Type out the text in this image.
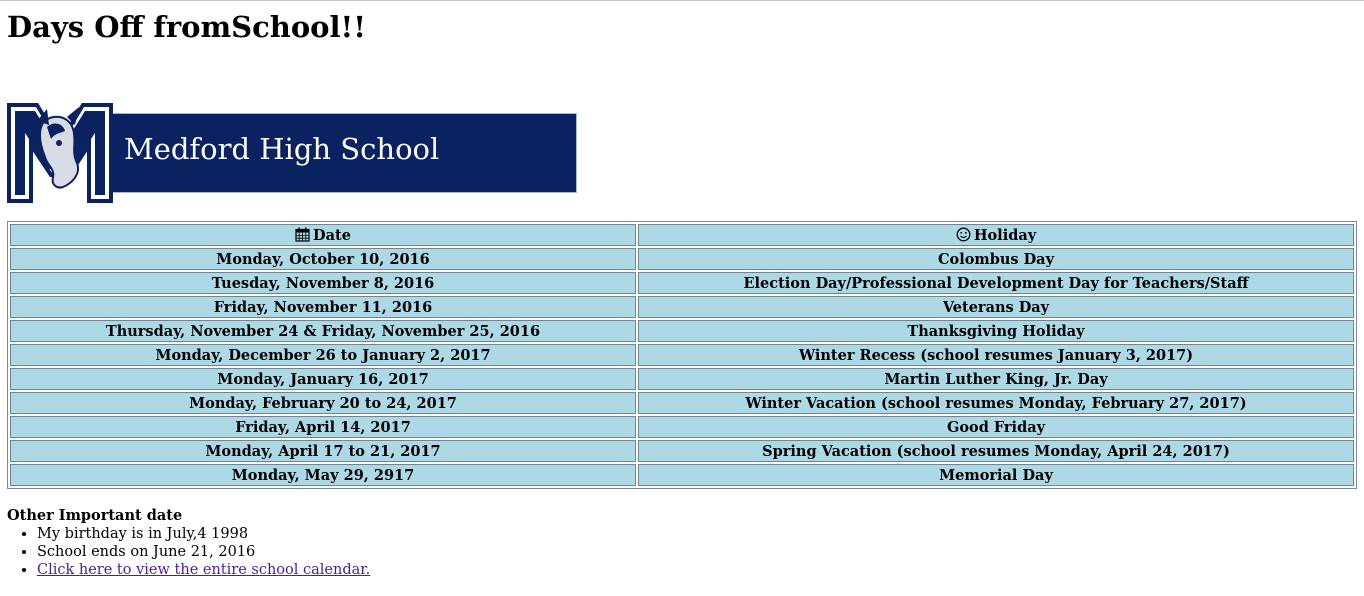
Days Off fromSchool!!
Medford High School
Date	Holiday
Monday, October 10, 2016	Colombus Day
Tuesday, November 8, 2016	Election Day/Professional Development Day for Teachers/Staff
Friday, November 11, 2016	Veterans Day
Thursday, November 24 & Friday, November 25, 2016	Thanksgiving Holiday
Monday, December 26 to January 2, 2017	Winter Recess (school resumes January 3, 2017)
Monday, January 16, 2017	Martin Luther King, Jr. Day
Monday, February 20 to 24, 2017	Winter Vacation (school resumes Monday, February 27, 2017)
Friday, April 14, 2017	Good Friday
Monday, April 17 to 21, 2017	Spring Vacation (school resumes Monday, April 24, 2017)
Monday, May 29, 2917	Memorial Day

Other Important date

• My birthday is in July,4 1998
• School ends on June 21, 2016
• Click here to view the entire school calendar.
